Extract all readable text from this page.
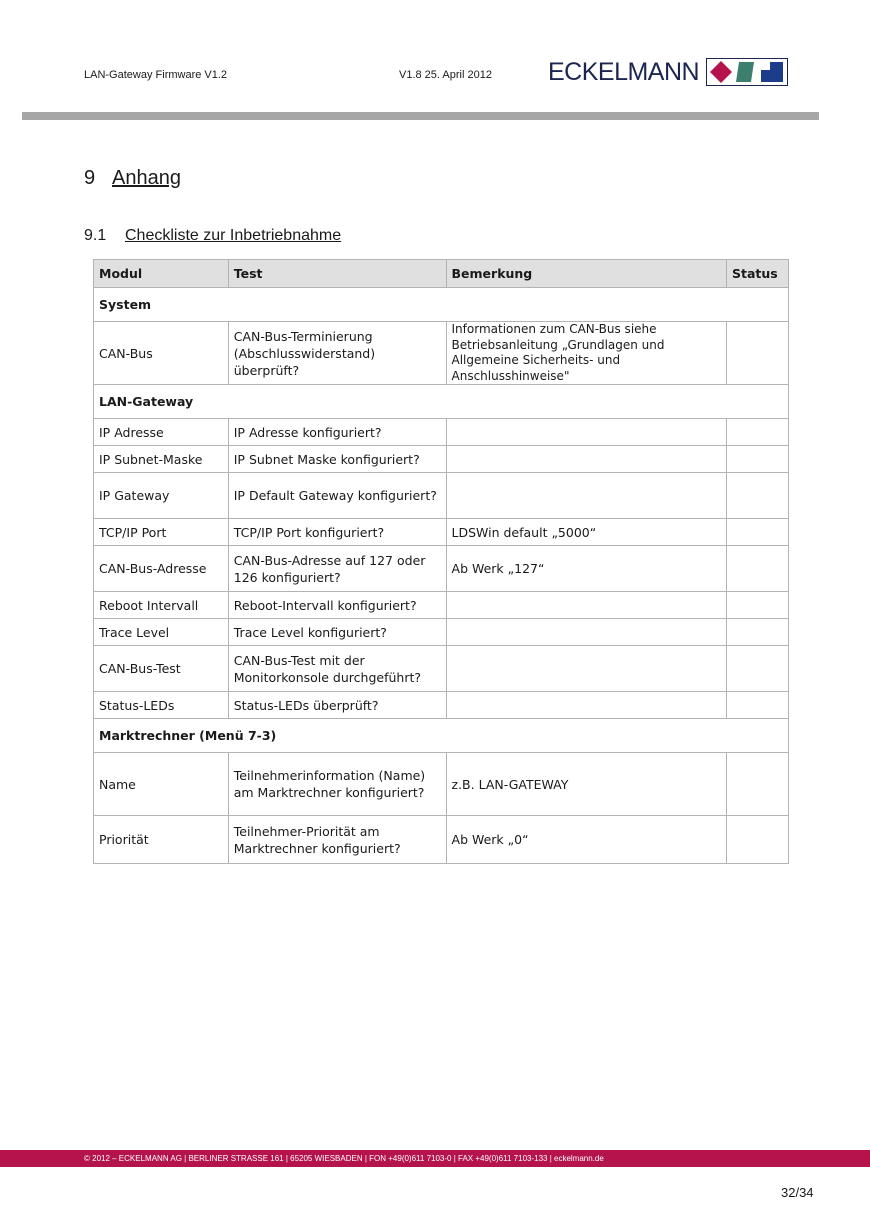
LAN-Gateway Firmware V1.2	V1.8 25. April 2012 ECKELMANN
9 Anhang
9.1 Checkliste zur Inbetriebnahme
Modul	Test	Bemerkung	Status
System			
CAN-Bus	CAN-Bus-Terminierung (Abschlusswiderstand) überprüft?	Informationen zum CAN-Bus siehe Betriebsanleitung „Grundlagen und Allgemeine Sicherheits- und Anschlusshinweise"	
LAN-Gateway			
IP Adresse	IP Adresse konfiguriert?		
IP Subnet-Maske	IP Subnet Maske konfiguriert?		
IP Gateway	IP Default Gateway konfiguriert?		
TCP/IP Port	TCP/IP Port konfiguriert?	LDSWin default „5000“	
CAN-Bus-Adresse	CAN-Bus-Adresse auf 127 oder 126 konfiguriert?	Ab Werk „127“	
Reboot Intervall	Reboot-Intervall konfiguriert?		
Trace Level	Trace Level konfiguriert?		
CAN-Bus-Test	CAN-Bus-Test mit der Monitorkonsole durchgeführt?		
Status-LEDs	Status-LEDs überprüft?		
Marktrechner (Menü 7-3)			
Name	Teilnehmerinformation (Name) am Marktrechner konfiguriert?	z.B. LAN-GATEWAY	
Priorität	Teilnehmer-Priorität am Marktrechner konfiguriert?	Ab Werk „0“	
© 2012 – ECKELMANN AG | BERLINER STRASSE 161 | 65205 WIESBADEN | FON +49(0)611 7103-0 | FAX +49(0)611 7103-133 | eckelmann.de
32/34
